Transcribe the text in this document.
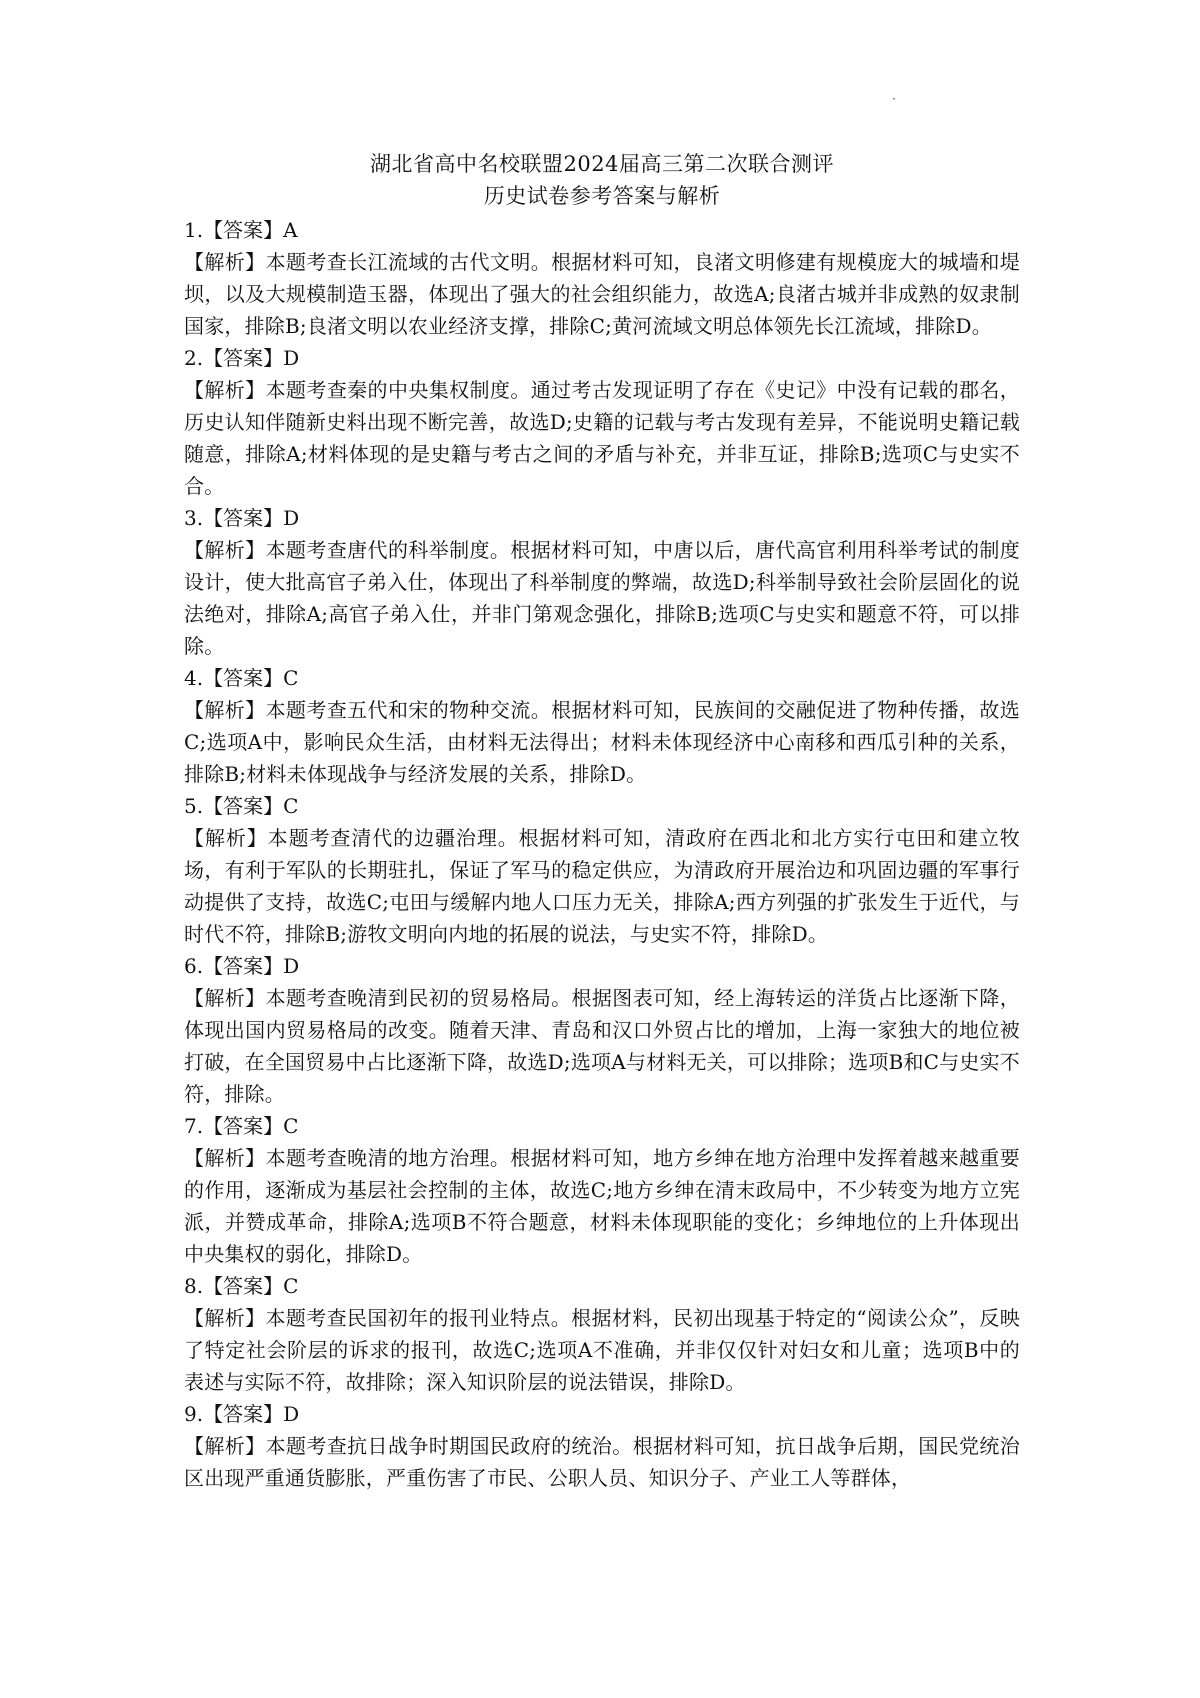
·

湖北省高中名校联盟2024届高三第二次联合测评

历史试卷参考答案与解析

1.【答案】A

【解析】本题考查长江流域的古代文明。根据材料可知，良渚文明修建有规模庞大的城墙和堤坝，以及大规模制造玉器，体现出了强大的社会组织能力，故选A;良渚古城并非成熟的奴隶制国家，排除B;良渚文明以农业经济支撑，排除C;黄河流域文明总体领先长江流域，排除D。

2.【答案】D

【解析】本题考查秦的中央集权制度。通过考古发现证明了存在《史记》中没有记载的郡名，历史认知伴随新史料出现不断完善，故选D;史籍的记载与考古发现有差异，不能说明史籍记载随意，排除A;材料体现的是史籍与考古之间的矛盾与补充，并非互证，排除B;选项C与史实不合。

3.【答案】D

【解析】本题考查唐代的科举制度。根据材料可知，中唐以后，唐代高官利用科举考试的制度设计，使大批高官子弟入仕，体现出了科举制度的弊端，故选D;科举制导致社会阶层固化的说法绝对，排除A;高官子弟入仕，并非门第观念强化，排除B;选项C与史实和题意不符，可以排除。

4.【答案】C

【解析】本题考查五代和宋的物种交流。根据材料可知，民族间的交融促进了物种传播，故选C;选项A中，影响民众生活，由材料无法得出；材料未体现经济中心南移和西瓜引种的关系，排除B;材料未体现战争与经济发展的关系，排除D。

5.【答案】C

【解析】本题考查清代的边疆治理。根据材料可知，清政府在西北和北方实行屯田和建立牧场，有利于军队的长期驻扎，保证了军马的稳定供应，为清政府开展治边和巩固边疆的军事行动提供了支持，故选C;屯田与缓解内地人口压力无关，排除A;西方列强的扩张发生于近代，与时代不符，排除B;游牧文明向内地的拓展的说法，与史实不符，排除D。

6.【答案】D

【解析】本题考查晚清到民初的贸易格局。根据图表可知，经上海转运的洋货占比逐渐下降，体现出国内贸易格局的改变。随着天津、青岛和汉口外贸占比的增加，上海一家独大的地位被打破，在全国贸易中占比逐渐下降，故选D;选项A与材料无关，可以排除；选项B和C与史实不符，排除。

7.【答案】C

【解析】本题考查晚清的地方治理。根据材料可知，地方乡绅在地方治理中发挥着越来越重要的作用，逐渐成为基层社会控制的主体，故选C;地方乡绅在清末政局中，不少转变为地方立宪派，并赞成革命，排除A;选项B不符合题意，材料未体现职能的变化；乡绅地位的上升体现出中央集权的弱化，排除D。

8.【答案】C

【解析】本题考查民国初年的报刊业特点。根据材料，民初出现基于特定的“阅读公众”，反映了特定社会阶层的诉求的报刊，故选C;选项A不准确，并非仅仅针对妇女和儿童；选项B中的表述与实际不符，故排除；深入知识阶层的说法错误，排除D。

9.【答案】D

【解析】本题考查抗日战争时期国民政府的统治。根据材料可知，抗日战争后期，国民党统治区出现严重通货膨胀，严重伤害了市民、公职人员、知识分子、产业工人等群体，
